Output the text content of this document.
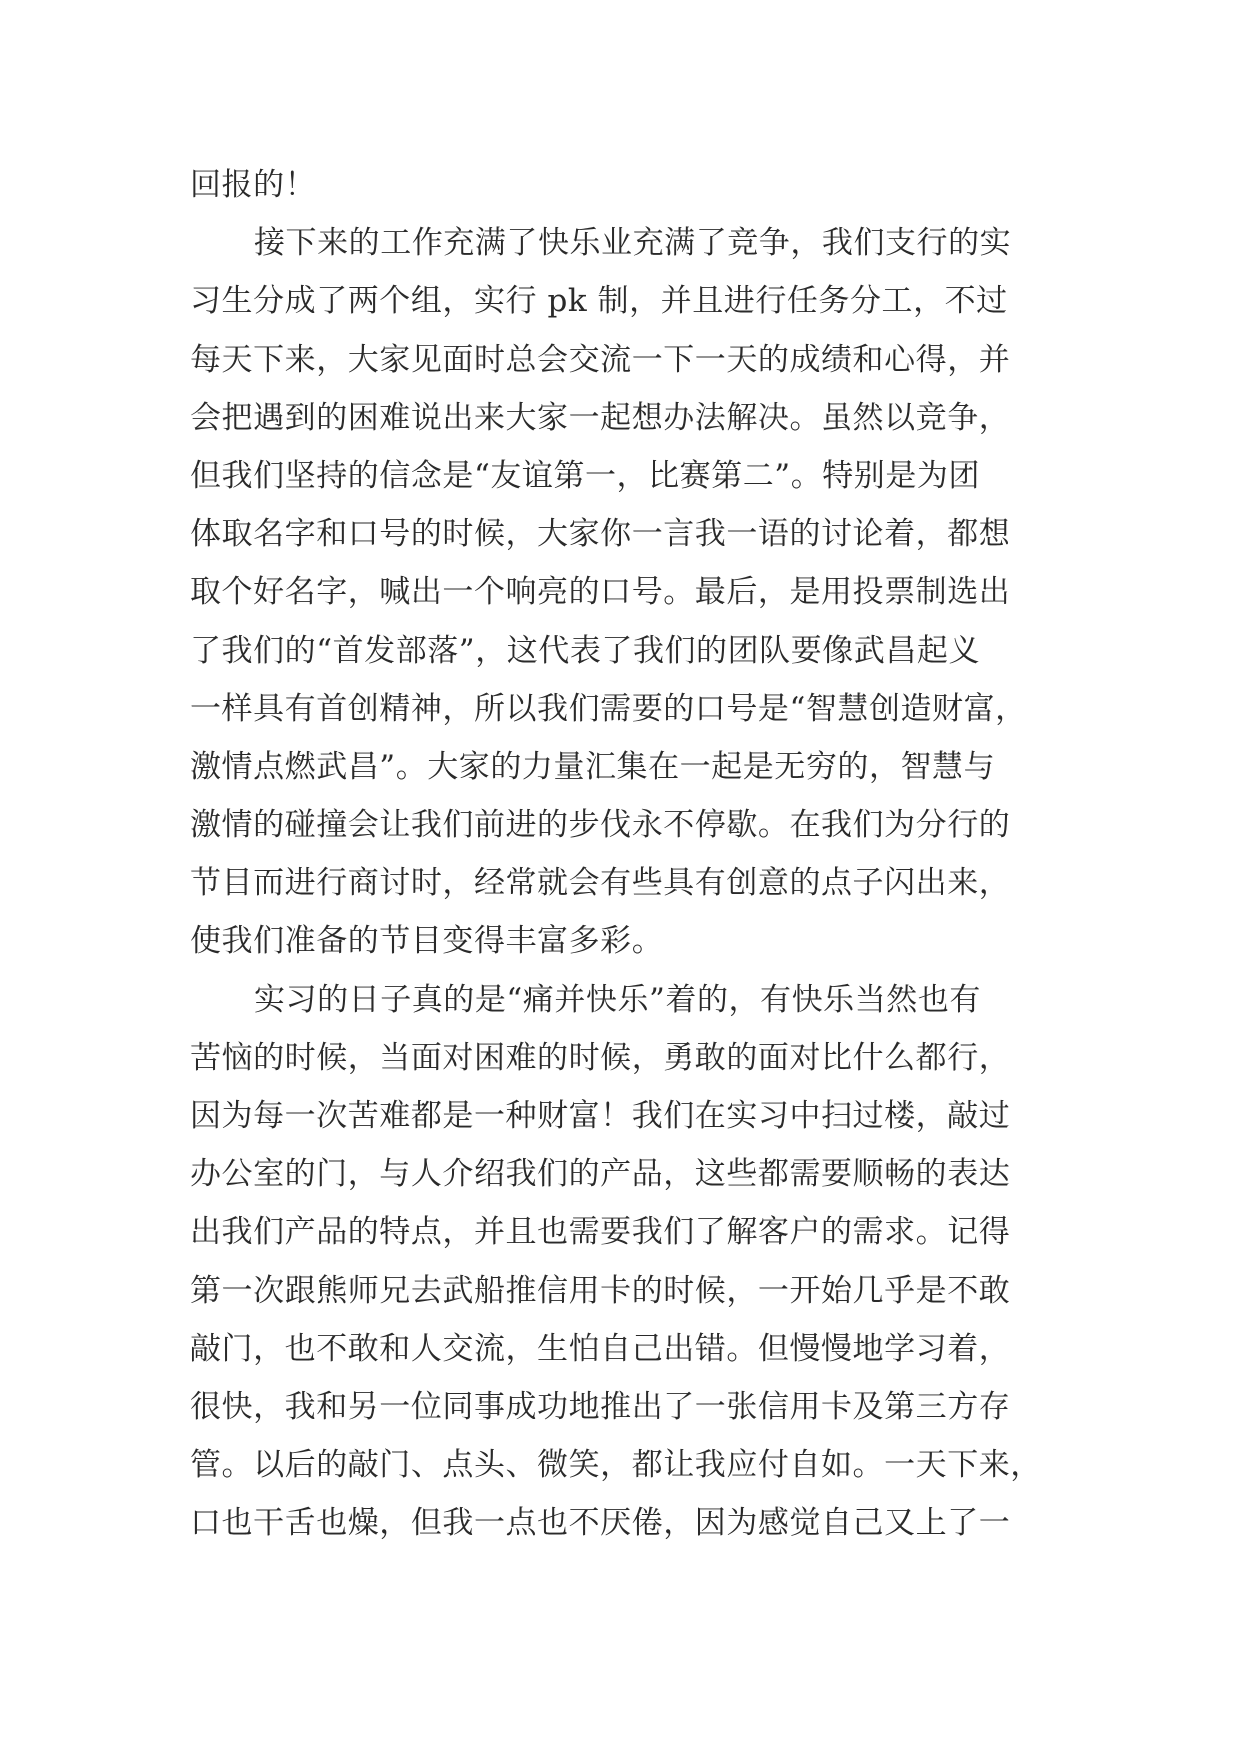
回报的！
接下来的工作充满了快乐业充满了竞争，我们支行的实
习生分成了两个组，实行 pk 制，并且进行任务分工，不过
每天下来，大家见面时总会交流一下一天的成绩和心得，并
会把遇到的困难说出来大家一起想办法解决。虽然以竞争，
但我们坚持的信念是“友谊第一，比赛第二”。特别是为团
体取名字和口号的时候，大家你一言我一语的讨论着，都想
取个好名字，喊出一个响亮的口号。最后，是用投票制选出
了我们的“首发部落”，这代表了我们的团队要像武昌起义
一样具有首创精神，所以我们需要的口号是“智慧创造财富，
激情点燃武昌”。大家的力量汇集在一起是无穷的，智慧与
激情的碰撞会让我们前进的步伐永不停歇。在我们为分行的
节目而进行商讨时，经常就会有些具有创意的点子闪出来，
使我们准备的节目变得丰富多彩。
实习的日子真的是“痛并快乐”着的，有快乐当然也有
苦恼的时候，当面对困难的时候，勇敢的面对比什么都行，
因为每一次苦难都是一种财富！我们在实习中扫过楼，敲过
办公室的门，与人介绍我们的产品，这些都需要顺畅的表达
出我们产品的特点，并且也需要我们了解客户的需求。记得
第一次跟熊师兄去武船推信用卡的时候，一开始几乎是不敢
敲门，也不敢和人交流，生怕自己出错。但慢慢地学习着，
很快，我和另一位同事成功地推出了一张信用卡及第三方存
管。以后的敲门、点头、微笑，都让我应付自如。一天下来，
口也干舌也燥，但我一点也不厌倦，因为感觉自己又上了一
